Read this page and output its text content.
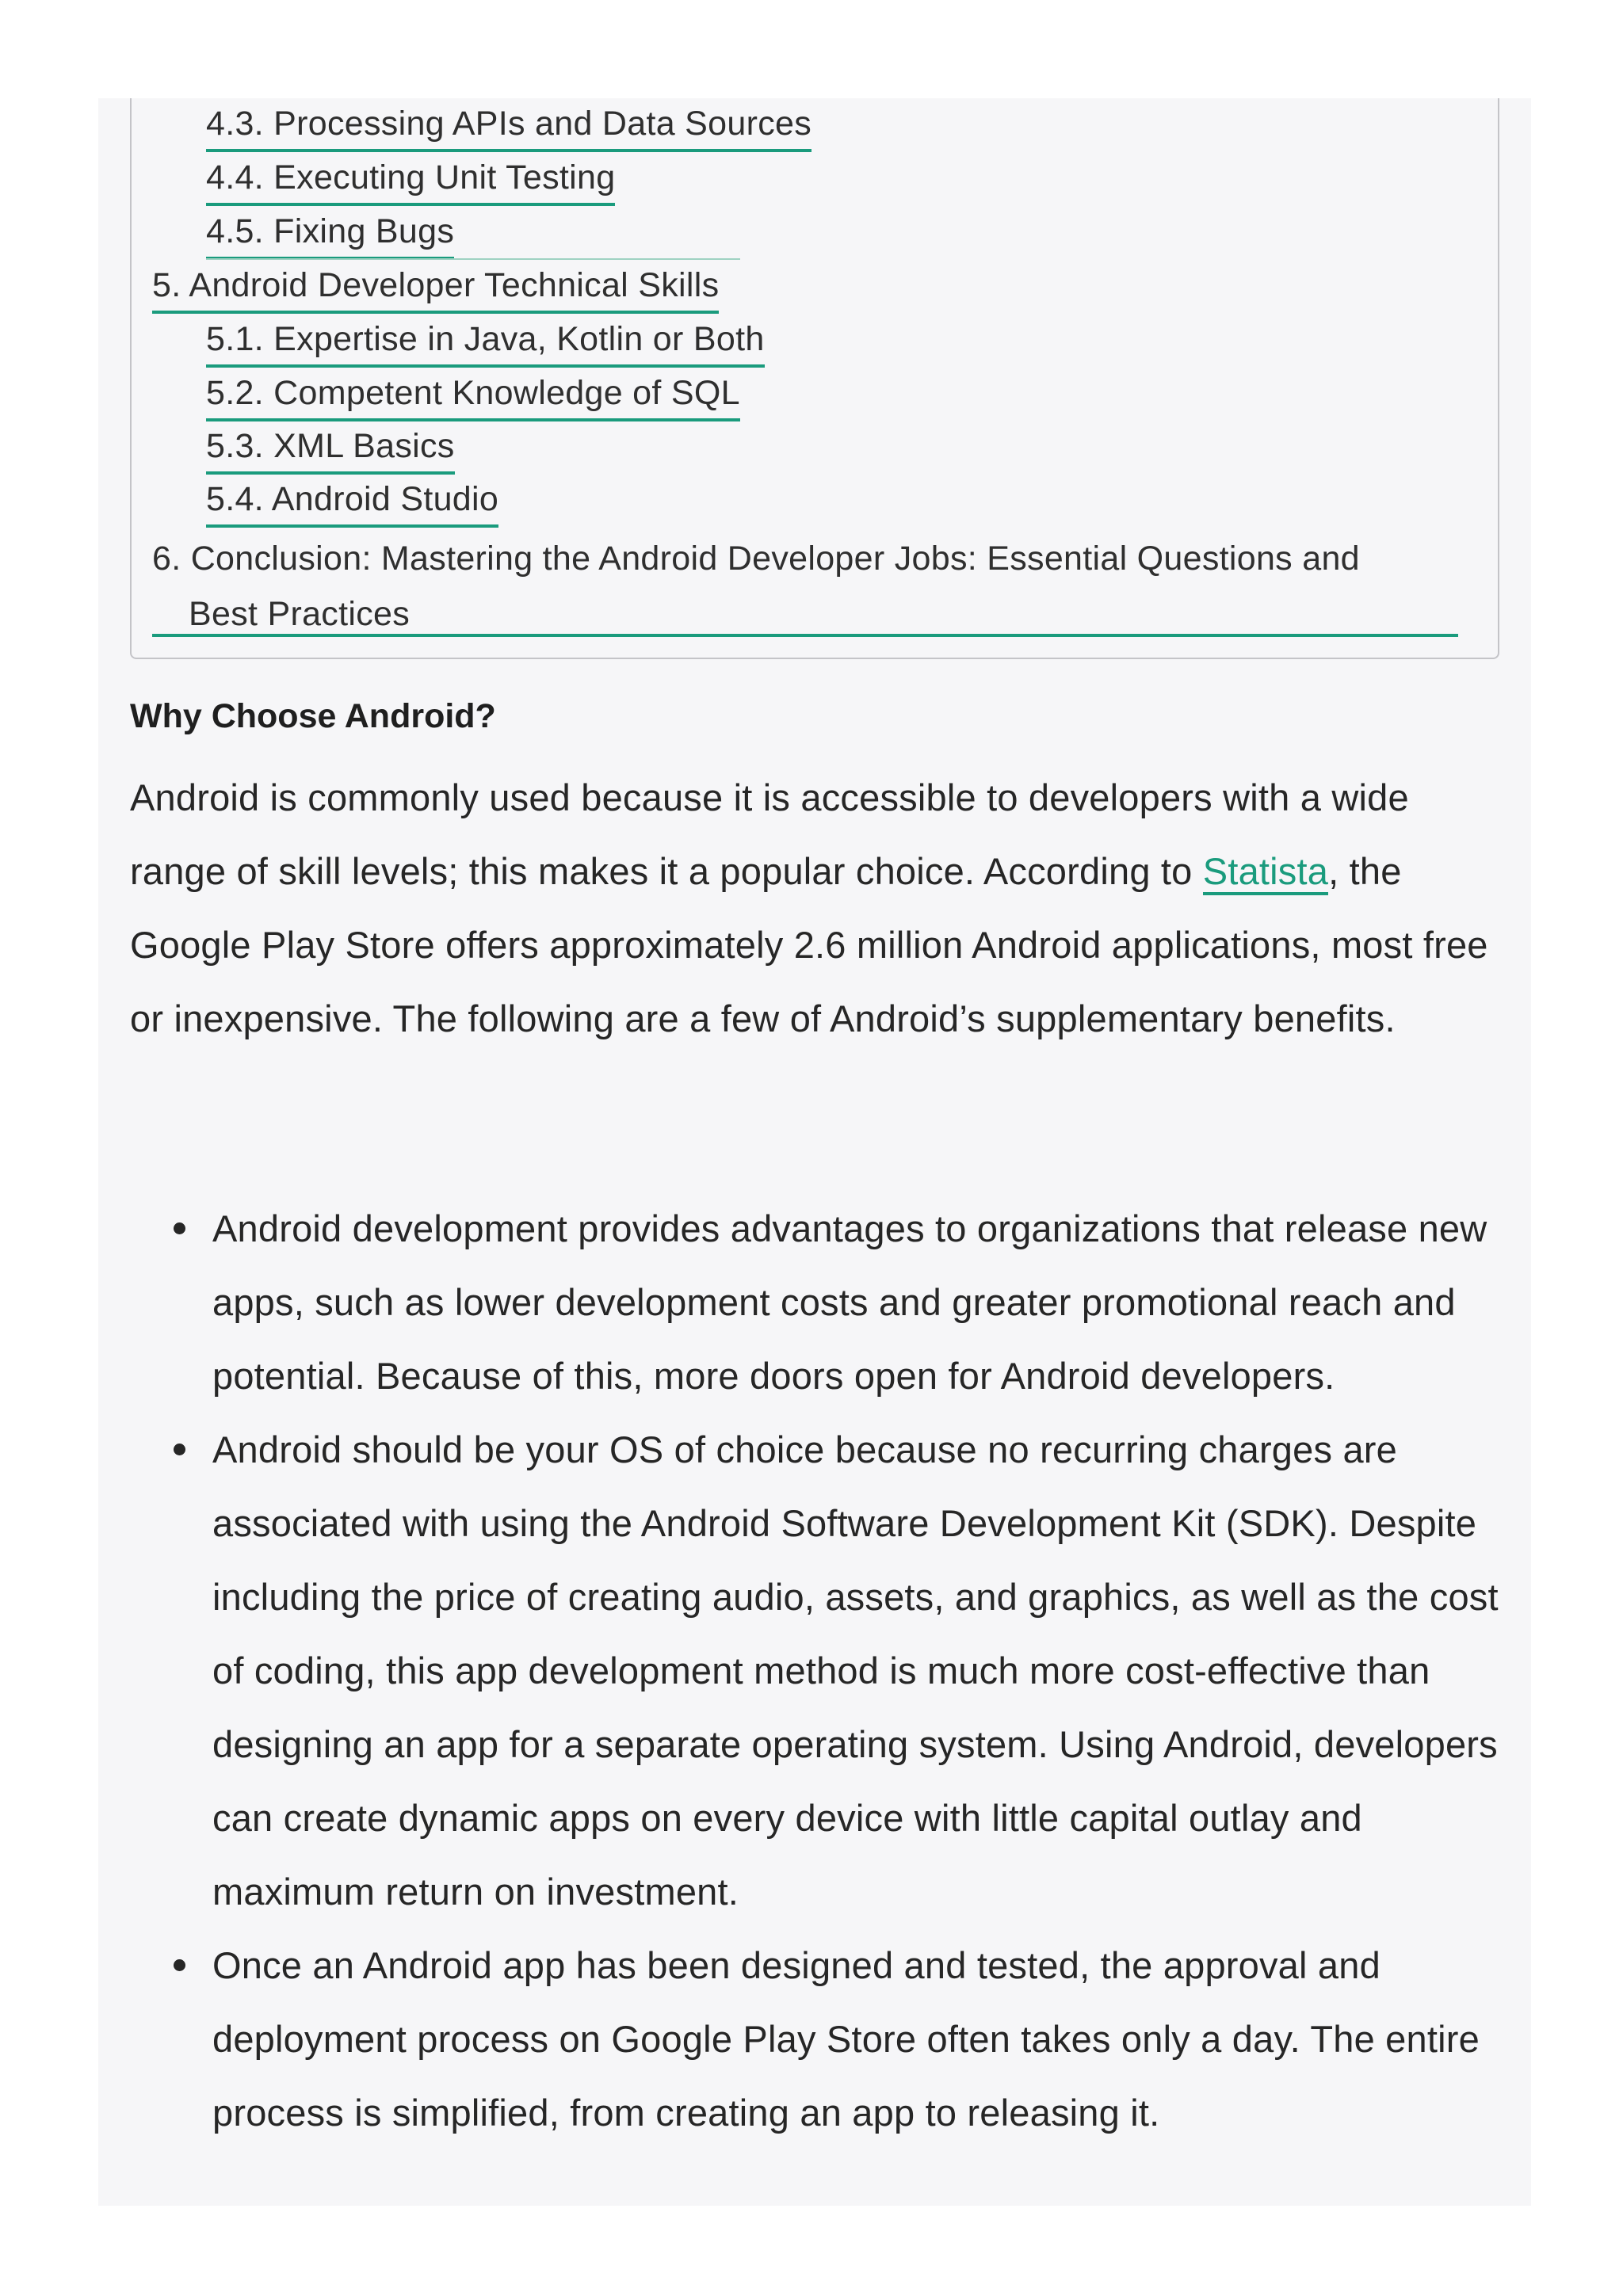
4.3. Processing APIs and Data Sources
4.4. Executing Unit Testing
4.5. Fixing Bugs
5. Android Developer Technical Skills
5.1. Expertise in Java, Kotlin or Both
5.2. Competent Knowledge of SQL
5.3. XML Basics
5.4. Android Studio
6. Conclusion: Mastering the Android Developer Jobs: Essential Questions and
Best Practices
Why Choose Android?

Android is commonly used because it is accessible to developers with a wide range of skill levels; this makes it a popular choice. According to Statista, the Google Play Store offers approximately 2.6 million Android applications, most free or inexpensive. The following are a few of Android’s supplementary benefits.

Android development provides advantages to organizations that release new apps, such as lower development costs and greater promotional reach and potential. Because of this, more doors open for Android developers.
Android should be your OS of choice because no recurring charges are associated with using the Android Software Development Kit (SDK). Despite including the price of creating audio, assets, and graphics, as well as the cost of coding, this app development method is much more cost-effective than designing an app for a separate operating system. Using Android, developers can create dynamic apps on every device with little capital outlay and maximum return on investment.
Once an Android app has been designed and tested, the approval and deployment process on Google Play Store often takes only a day. The entire process is simplified, from creating an app to releasing it.
